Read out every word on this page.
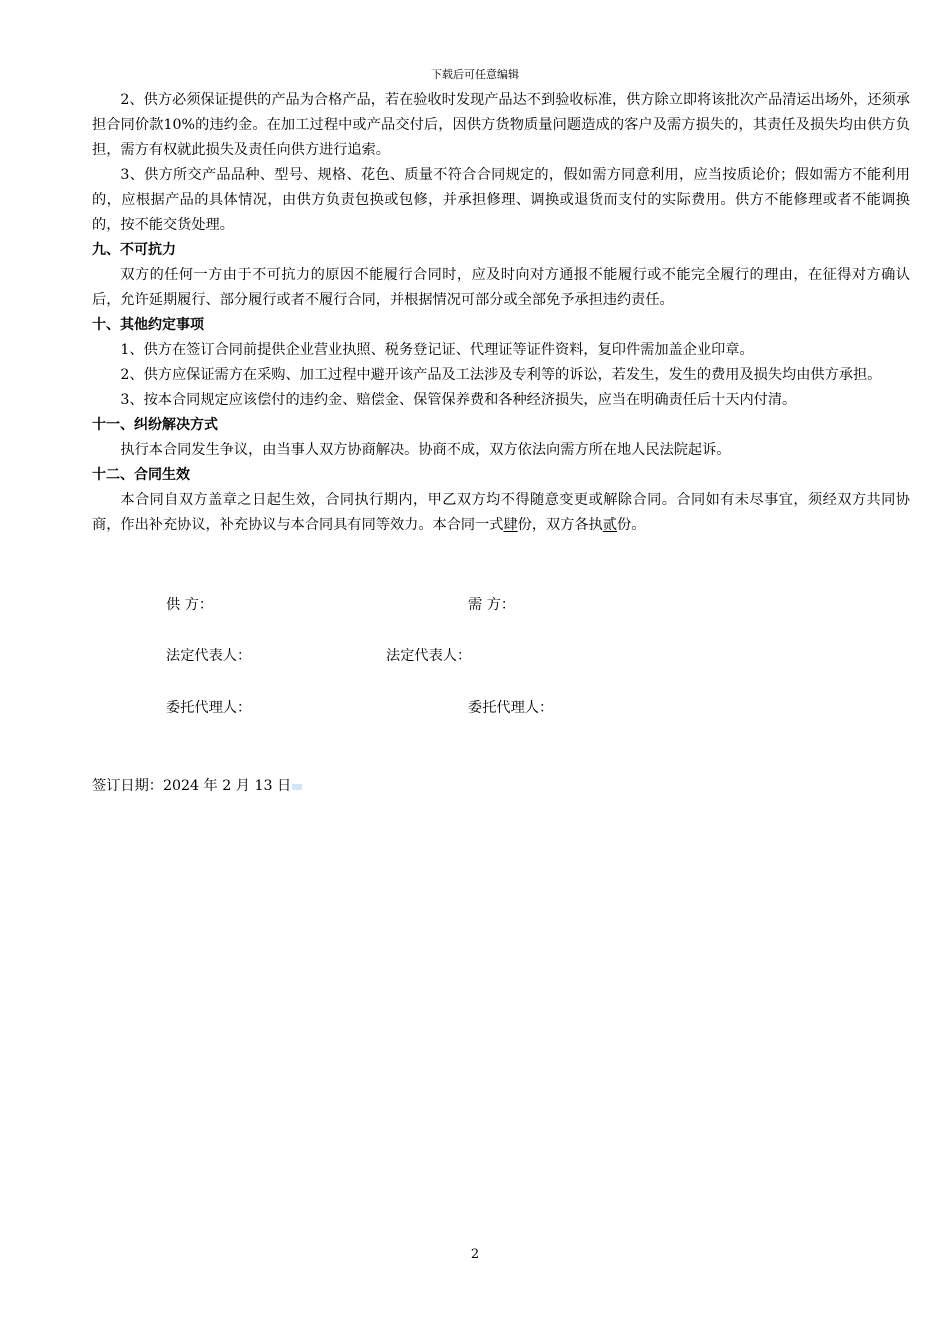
下载后可任意编辑

2、供方必须保证提供的产品为合格产品，若在验收时发现产品达不到验收标准，供方除立即将该批次产品清运出场外，还须承担合同价款10%的违约金。在加工过程中或产品交付后，因供方货物质量问题造成的客户及需方损失的，其责任及损失均由供方负担，需方有权就此损失及责任向供方进行追索。

3、供方所交产品品种、型号、规格、花色、质量不符合合同规定的，假如需方同意利用，应当按质论价；假如需方不能利用的，应根据产品的具体情况，由供方负责包换或包修，并承担修理、调换或退货而支付的实际费用。供方不能修理或者不能调换的，按不能交货处理。

九、不可抗力

双方的任何一方由于不可抗力的原因不能履行合同时，应及时向对方通报不能履行或不能完全履行的理由，在征得对方确认后，允许延期履行、部分履行或者不履行合同，并根据情况可部分或全部免予承担违约责任。

十、其他约定事项

1、供方在签订合同前提供企业营业执照、税务登记证、代理证等证件资料，复印件需加盖企业印章。

2、供方应保证需方在采购、加工过程中避开该产品及工法涉及专利等的诉讼，若发生，发生的费用及损失均由供方承担。

3、按本合同规定应该偿付的违约金、赔偿金、保管保养费和各种经济损失，应当在明确责任后十天内付清。

十一、纠纷解决方式

执行本合同发生争议，由当事人双方协商解决。协商不成，双方依法向需方所在地人民法院起诉。

十二、合同生效

本合同自双方盖章之日起生效，合同执行期内，甲乙双方均不得随意变更或解除合同。合同如有未尽事宜，须经双方共同协商，作出补充协议，补充协议与本合同具有同等效力。本合同一式肆份，双方各执贰份。

供 方：	需 方：
法定代表人：	法定代表人：
委托代理人：	委托代理人：
签订日期：2024 年 2 月 13 日
2
